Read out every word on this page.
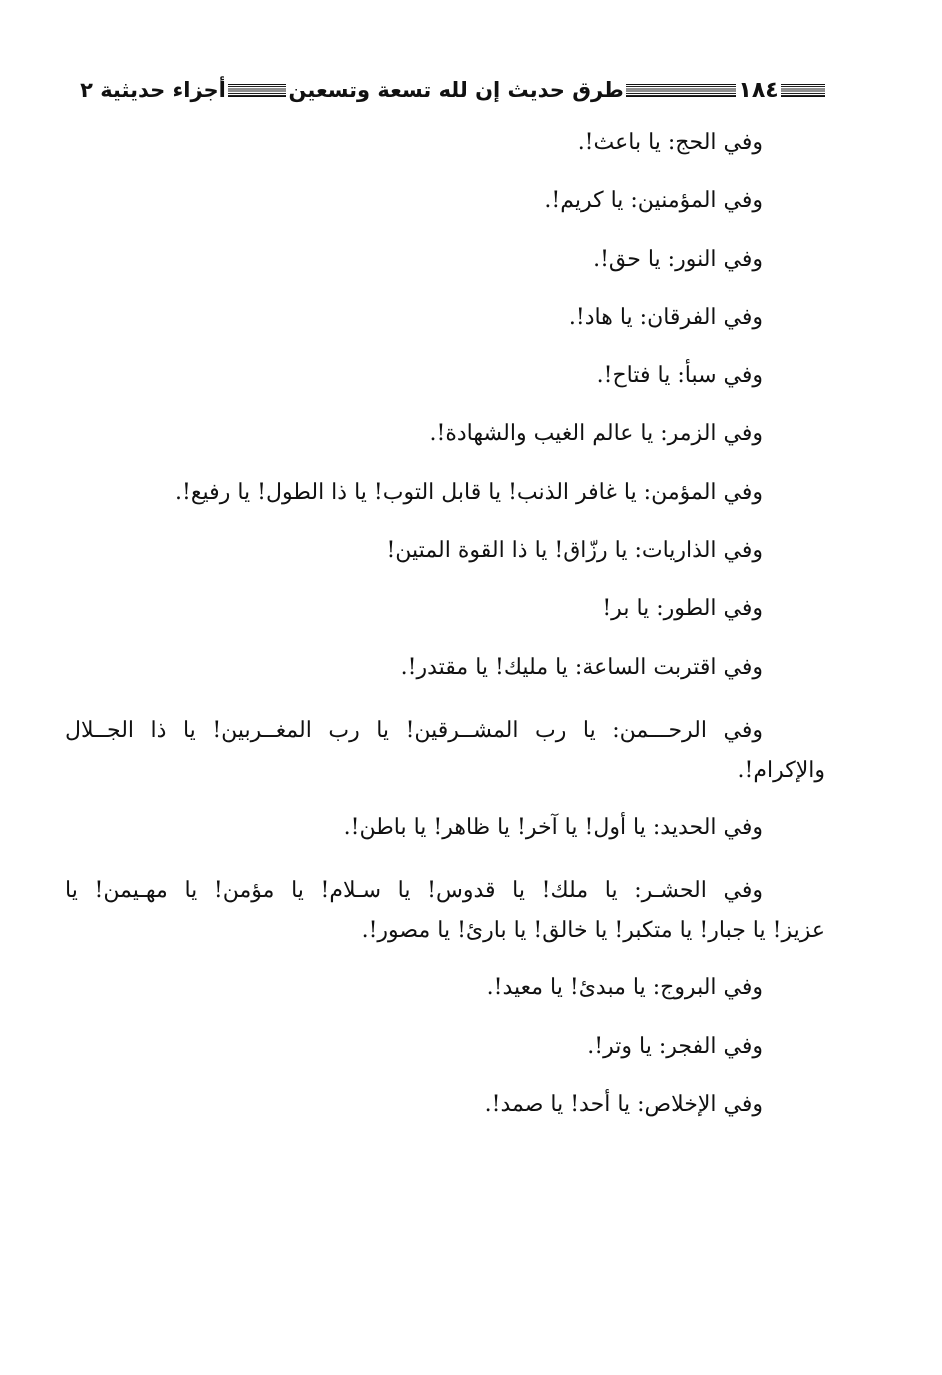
١٨٤
طرق حديث إن لله تسعة وتسعين
أجزاء حديثية ٢
وفي الحج: يا باعث!.
وفي المؤمنين: يا كريم!.
وفي النور: يا حق!.
وفي الفرقان: يا هاد!.
وفي سبأ: يا فتاح!.
وفي الزمر: يا عالم الغيب والشهادة!.
وفي المؤمن: يا غافر الذنب! يا قابل التوب! يا ذا الطول! يا رفيع!.
وفي الذاريات: يا رزّاق! يا ذا القوة المتين!
وفي الطور: يا بر!
وفي اقتربت الساعة: يا مليك! يا مقتدر!.
وفي الرحـــمن: يا رب المشــرقين! يا رب المغــربين! يا ذا الجــلال
والإكرام!.
وفي الحديد: يا أول! يا آخر! يا ظاهر! يا باطن!.
وفي الحشـر: يا ملك! يا قدوس! يا سـلام! يا مؤمن! يا مهـيمن! يا
عزيز! يا جبار! يا متكبر! يا خالق! يا بارئ! يا مصور!.
وفي البروج: يا مبدئ! يا معيد!.
وفي الفجر: يا وتر!.
وفي الإخلاص: يا أحد! يا صمد!.
